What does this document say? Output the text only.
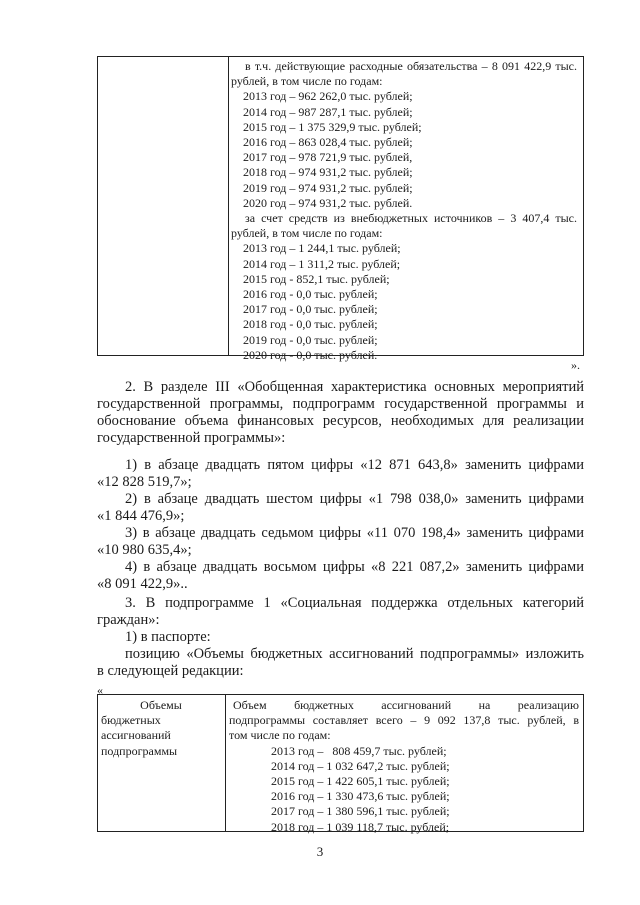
в т.ч. действующие расходные обязательства – 8 091 422,9 тыс.
рублей, в том числе по годам:
2013 год – 962 262,0 тыс. рублей;
2014 год – 987 287,1 тыс. рублей;
2015 год – 1 375 329,9 тыс. рублей;
2016 год – 863 028,4 тыс. рублей;
2017 год – 978 721,9 тыс. рублей,
2018 год – 974 931,2 тыс. рублей;
2019 год – 974 931,2 тыс. рублей;
2020 год – 974 931,2 тыс. рублей.
за счет средств из внебюджетных источников – 3 407,4 тыс.
рублей, в том числе по годам:
2013 год – 1 244,1 тыс. рублей;
2014 год – 1 311,2 тыс. рублей;
2015 год - 852,1 тыс. рублей;
2016 год - 0,0 тыс. рублей;
2017 год - 0,0 тыс. рублей;
2018 год - 0,0 тыс. рублей;
2019 год - 0,0 тыс. рублей;
2020 год - 0,0 тыс. рублей.
».
2. В разделе III «Обобщенная характеристика основных мероприятий
государственной программы, подпрограмм государственной программы и
обоснование объема финансовых ресурсов, необходимых для реализации
государственной программы»:
1) в абзаце двадцать пятом цифры «12 871 643,8» заменить цифрами
«12 828 519,7»;
2) в абзаце двадцать шестом цифры «1 798 038,0» заменить цифрами
«1 844 476,9»;
3) в абзаце двадцать седьмом цифры «11 070 198,4» заменить цифрами
«10 980 635,4»;
4) в абзаце двадцать восьмом цифры «8 221 087,2» заменить цифрами
«8 091 422,9»..
3. В подпрограмме 1 «Социальная поддержка отдельных категорий
граждан»:
1) в паспорте:
позицию «Объемы бюджетных ассигнований подпрограммы» изложить
в следующей редакции:
«
Объемы
бюджетных
ассигнований
подпрограммы
Объем бюджетных ассигнований на реализацию
подпрограммы составляет всего – 9 092 137,8 тыс. рублей, в
том числе по годам:
2013 год –   808 459,7 тыс. рублей;
2014 год – 1 032 647,2 тыс. рублей;
2015 год – 1 422 605,1 тыс. рублей;
2016 год – 1 330 473,6 тыс. рублей;
2017 год – 1 380 596,1 тыс. рублей;
2018 год – 1 039 118,7 тыс. рублей;
3
